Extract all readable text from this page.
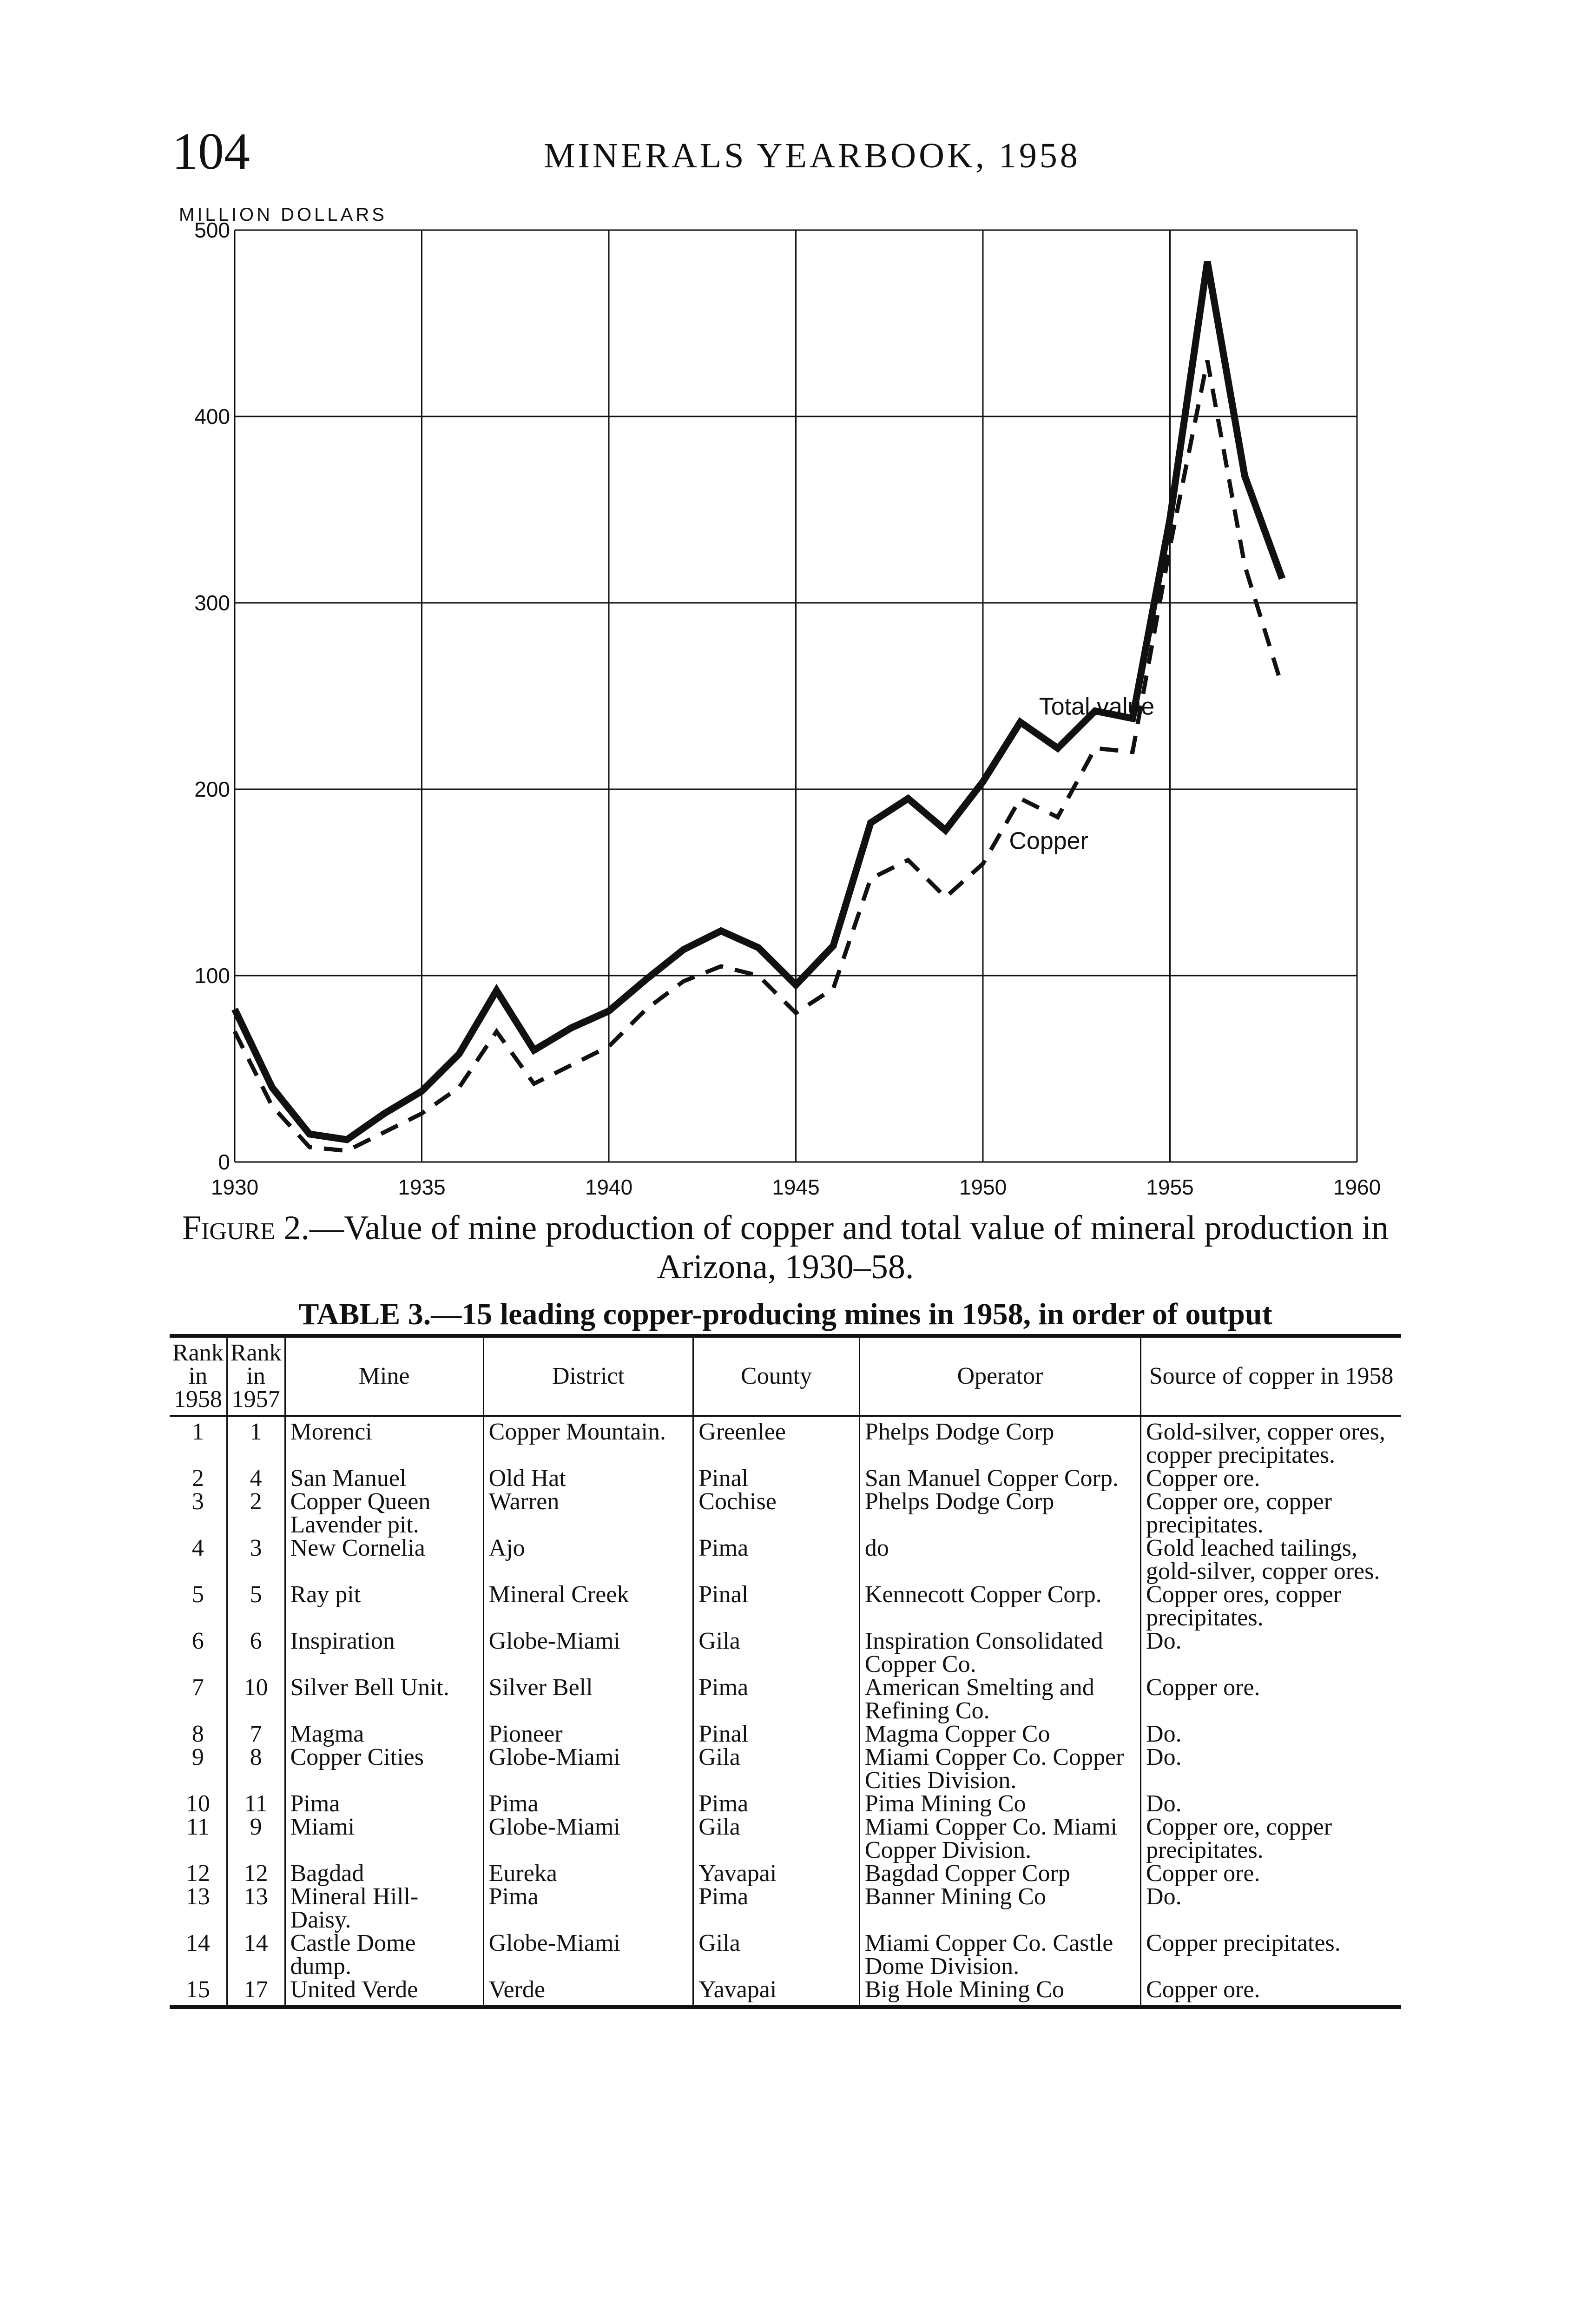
104	MINERALS YEARBOOK, 1958
1930	1935	1940	1945	1950	1955	1960
0
100
200
300
400
500
MILLION DOLLARS
Total value
Copper
Figure 2.—Value of mine production of copper and total value of mineral production in Arizona, 1930–58.
TABLE 3.—15 leading copper-producing mines in 1958, in order of output
Rank in 1958	Rank in 1957	Mine	District	County	Operator	Source of copper in 1958
1	1	Morenci	Copper Mountain.	Greenlee	Phelps Dodge Corp	Gold-silver, copper ores, copper precipitates.
2	4	San Manuel	Old Hat	Pinal	San Manuel Copper Corp.	Copper ore.
3	2	Copper Queen Lavender pit.	Warren	Cochise	Phelps Dodge Corp	Copper ore, copper precipitates.
4	3	New Cornelia	Ajo	Pima	do	Gold leached tailings, gold-silver, copper ores.
5	5	Ray pit	Mineral Creek	Pinal	Kennecott Copper Corp.	Copper ores, copper precipitates.
6	6	Inspiration	Globe-Miami	Gila	Inspiration Consolidated Copper Co.	Do.
7	10	Silver Bell Unit.	Silver Bell	Pima	American Smelting and Refining Co.	Copper ore.
8	7	Magma	Pioneer	Pinal	Magma Copper Co	Do.
9	8	Copper Cities	Globe-Miami	Gila	Miami Copper Co. Copper Cities Division.	Do.
10	11	Pima	Pima	Pima	Pima Mining Co	Do.
11	9	Miami	Globe-Miami	Gila	Miami Copper Co. Miami Copper Division.	Copper ore, copper precipitates.
12	12	Bagdad	Eureka	Yavapai	Bagdad Copper Corp	Copper ore.
13	13	Mineral Hill-Daisy.	Pima	Pima	Banner Mining Co	Do.
14	14	Castle Dome dump.	Globe-Miami	Gila	Miami Copper Co. Castle Dome Division.	Copper precipitates.
15	17	United Verde	Verde	Yavapai	Big Hole Mining Co	Copper ore.
